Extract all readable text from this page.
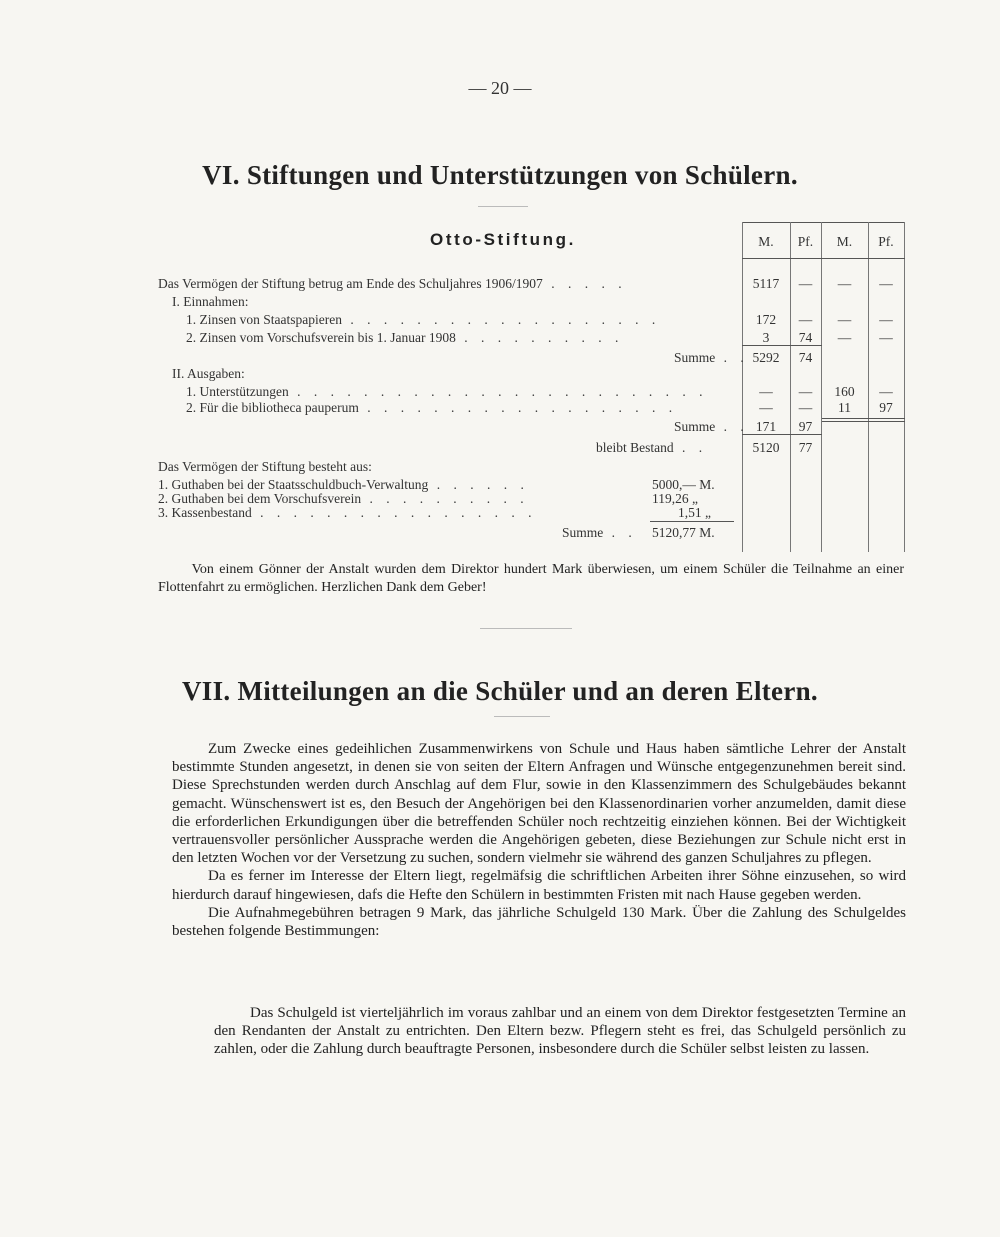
— 20 —
VI. Stiftungen und Unterstützungen von Schülern.
Otto-Stiftung.	M.	Pf.	M.	Pf.
Das Vermögen der Stiftung betrug am Ende des Schuljahres 1906/1907 . . . . .	5117	—	—	—
I. Einnahmen:
1. Zinsen von Staatspapieren . . . . . . . . . . . . . . . . . . .	172	—	—	—
2. Zinsen vom Vorschufsverein bis 1. Januar 1908 . . . . . . . . . .	3	74	—	—
Summe . . 5292	74
II. Ausgaben:
1. Unterstützungen . . . . . . . . . . . . . . . . . . . . . . . . .	—	—	160	—
2. Für die bibliotheca pauperum . . . . . . . . . . . . . . . . . . .	—	—	11	97
Summe . . 171	97
bleibt Bestand . .	5120	77
Das Vermögen der Stiftung besteht aus:
1. Guthaben bei der Staatsschuldbuch-Verwaltung . . . . . .	5000,— M.
2. Guthaben bei dem Vorschufsverein . . . . . . . . . .	119,26 „
3. Kassenbestand . . . . . . . . . . . . . . . . .	1,51 „
Summe . . 5120,77 M.

Von einem Gönner der Anstalt wurden dem Direktor hundert Mark überwiesen, um einem Schüler die Teilnahme an einer Flottenfahrt zu ermöglichen. Herzlichen Dank dem Geber!

VII. Mitteilungen an die Schüler und an deren Eltern.

Zum Zwecke eines gedeihlichen Zusammenwirkens von Schule und Haus haben sämtliche Lehrer der Anstalt bestimmte Stunden angesetzt, in denen sie von seiten der Eltern Anfragen und Wünsche entgegenzunehmen bereit sind. Diese Sprechstunden werden durch Anschlag auf dem Flur, sowie in den Klassenzimmern des Schulgebäudes bekannt gemacht. Wünschenswert ist es, den Besuch der Angehörigen bei den Klassenordinarien vorher anzumelden, damit diese die erforderlichen Erkundigungen über die betreffenden Schüler noch rechtzeitig einziehen können. Bei der Wichtigkeit vertrauensvoller persönlicher Aussprache werden die Angehörigen gebeten, diese Beziehungen zur Schule nicht erst in den letzten Wochen vor der Versetzung zu suchen, sondern vielmehr sie während des ganzen Schuljahres zu pflegen.

Da es ferner im Interesse der Eltern liegt, regelmäfsig die schriftlichen Arbeiten ihrer Söhne einzusehen, so wird hierdurch darauf hingewiesen, dafs die Hefte den Schülern in bestimmten Fristen mit nach Hause gegeben werden.

Die Aufnahmegebühren betragen 9 Mark, das jährliche Schulgeld 130 Mark. Über die Zahlung des Schulgeldes bestehen folgende Bestimmungen:

Das Schulgeld ist vierteljährlich im voraus zahlbar und an einem von dem Direktor festgesetzten Termine an den Rendanten der Anstalt zu entrichten. Den Eltern bezw. Pflegern steht es frei, das Schulgeld persönlich zu zahlen, oder die Zahlung durch beauftragte Personen, insbesondere durch die Schüler selbst leisten zu lassen.
